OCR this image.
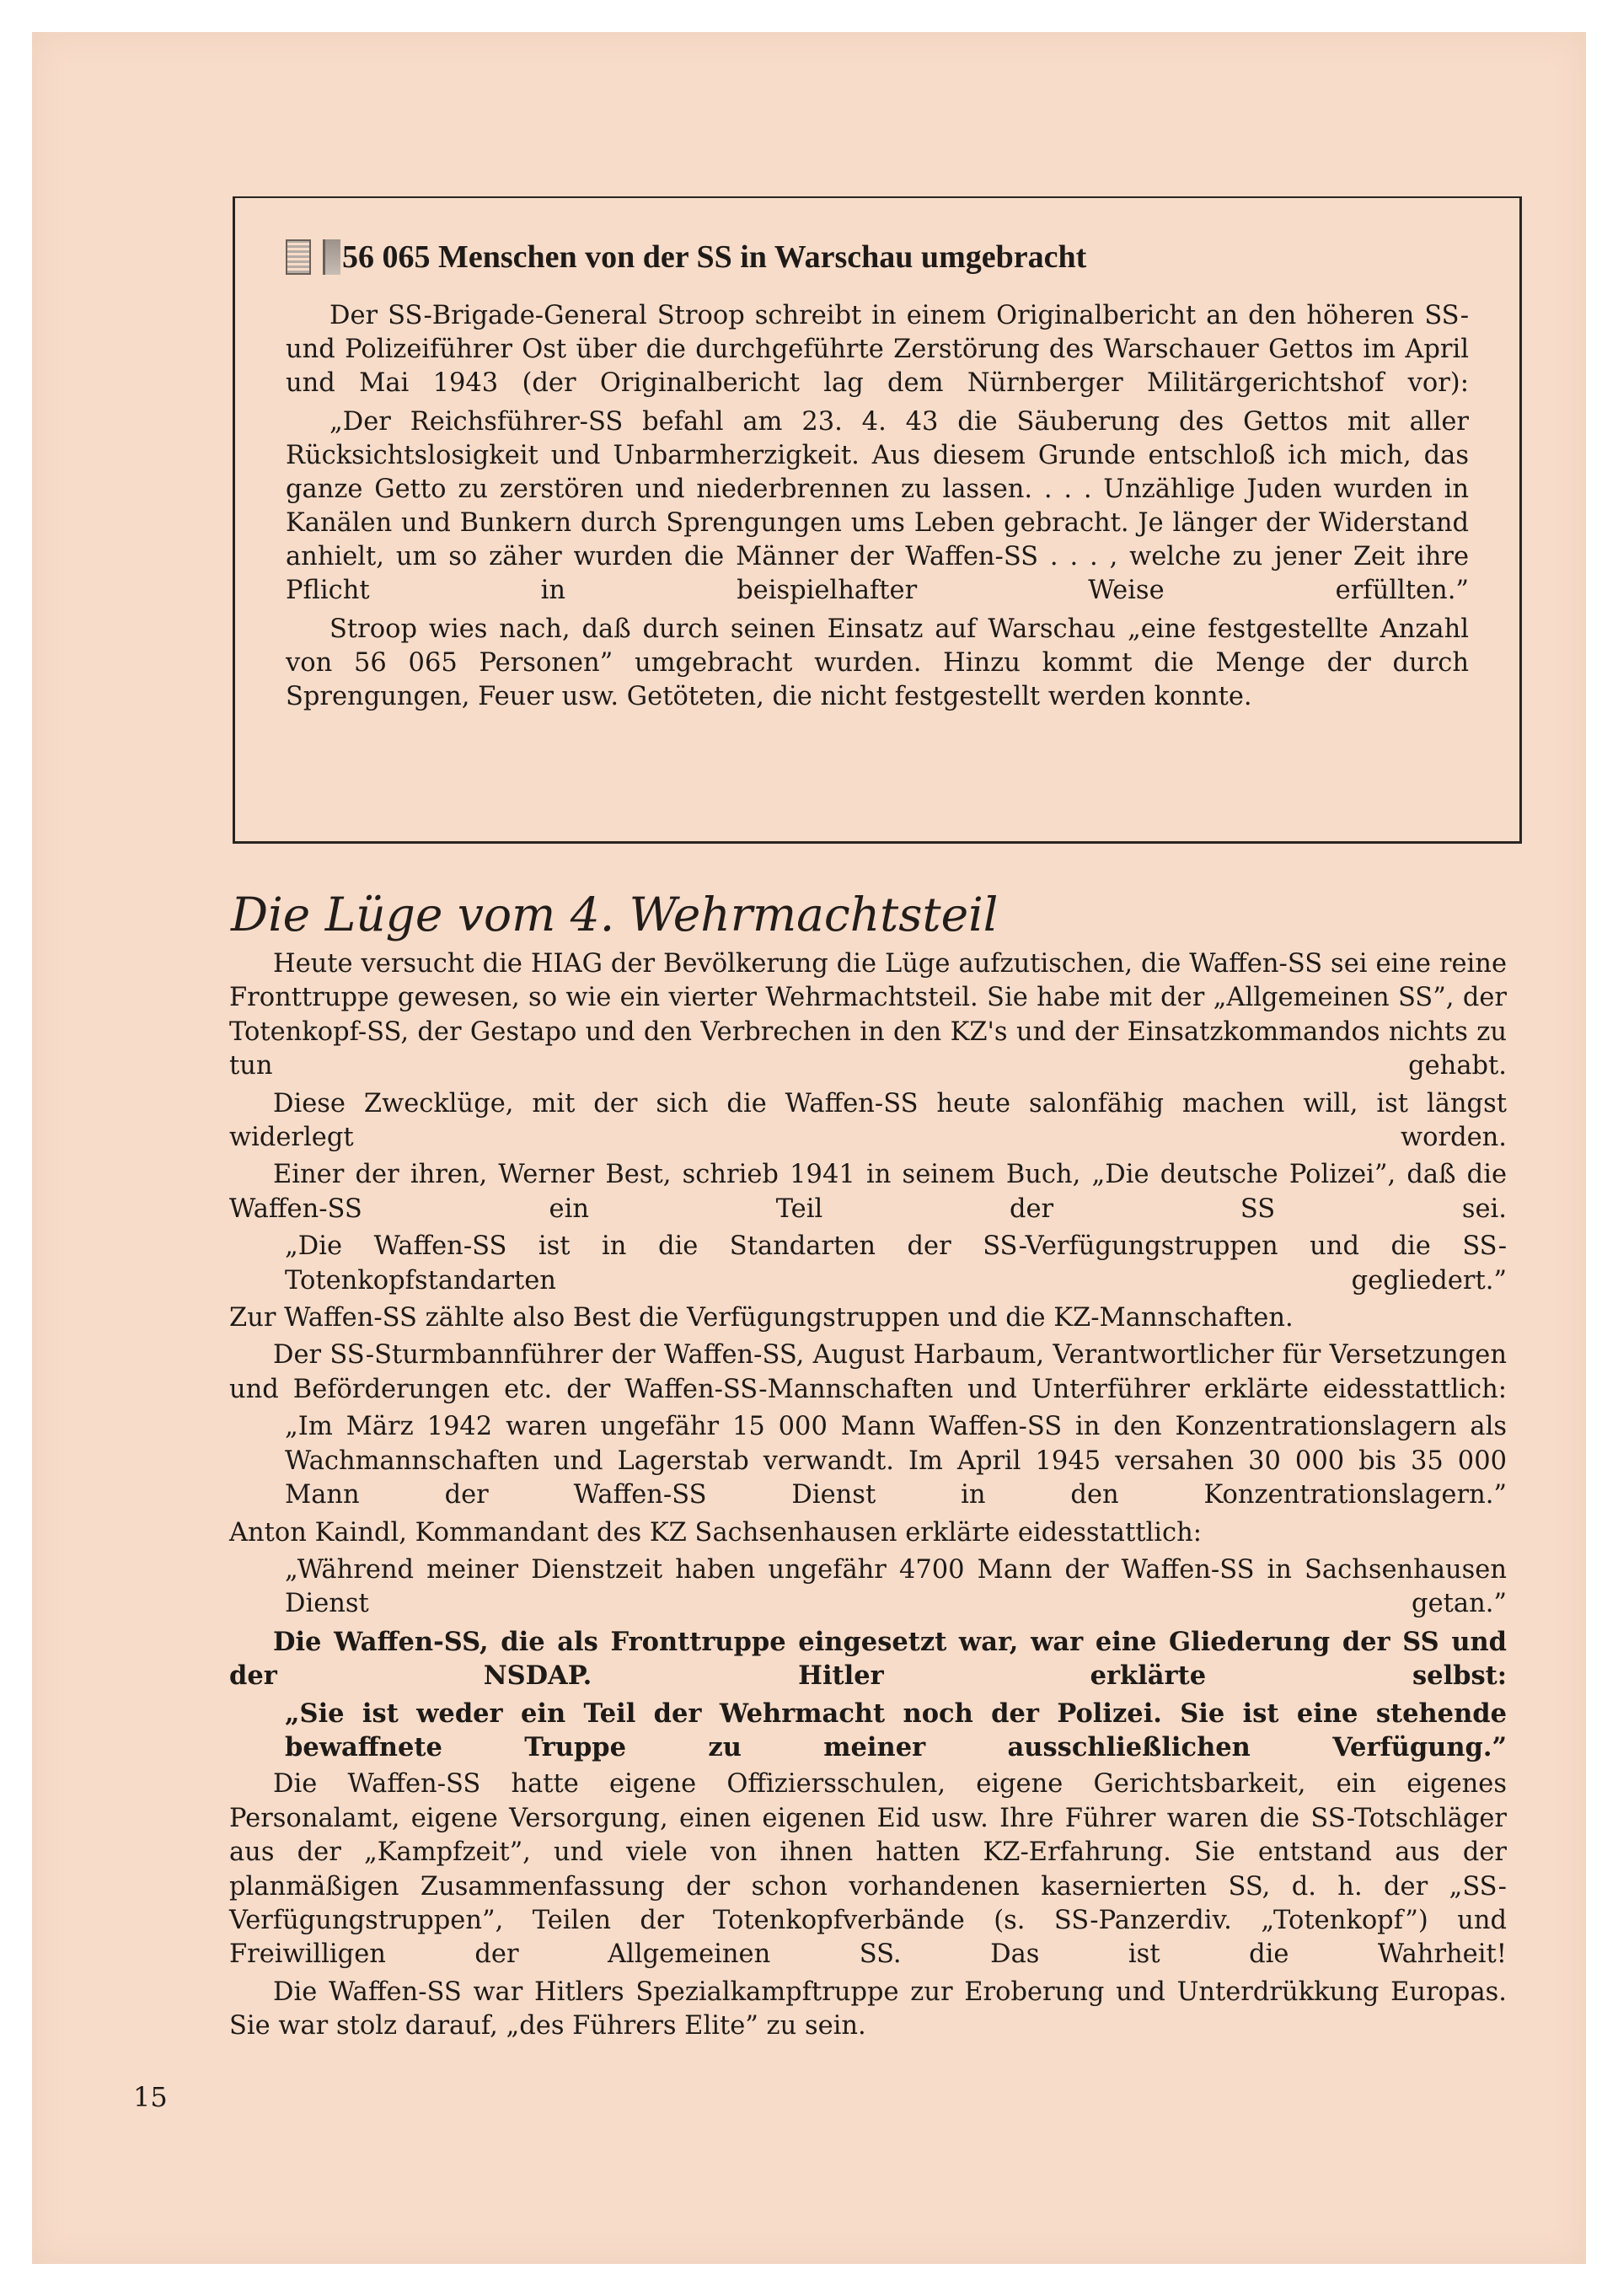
56 065 Menschen von der SS in Warschau umgebracht

Der SS-Brigade-General Stroop schreibt in einem Originalbericht an den höheren SS- und Polizeiführer Ost über die durchgeführte Zerstörung des Warschauer Gettos im April und Mai 1943 (der Originalbericht lag dem Nürnberger Militärgerichtshof vor):

„Der Reichsführer-SS befahl am 23. 4. 43 die Säuberung des Gettos mit aller Rücksichtslosigkeit und Unbarmherzigkeit. Aus diesem Grunde entschloß ich mich, das ganze Getto zu zerstören und niederbrennen zu lassen. . . . Unzählige Juden wurden in Kanälen und Bunkern durch Sprengungen ums Leben gebracht. Je länger der Widerstand anhielt, um so zäher wurden die Männer der Waffen-SS . . . , welche zu jener Zeit ihre Pflicht in beispielhafter Weise erfüllten.”

Stroop wies nach, daß durch seinen Einsatz auf Warschau „eine festgestellte Anzahl von 56 065 Personen” umgebracht wurden. Hinzu kommt die Menge der durch Sprengungen, Feuer usw. Getöteten, die nicht festgestellt werden konnte.

Die Lüge vom 4. Wehrmachtsteil

Heute versucht die HIAG der Bevölkerung die Lüge aufzutischen, die Waffen-SS sei eine reine Fronttruppe gewesen, so wie ein vierter Wehrmachtsteil. Sie habe mit der „Allgemeinen SS”, der Totenkopf-SS, der Gestapo und den Verbrechen in den KZ's und der Einsatzkommandos nichts zu tun gehabt.

Diese Zwecklüge, mit der sich die Waffen-SS heute salonfähig machen will, ist längst widerlegt worden.

Einer der ihren, Werner Best, schrieb 1941 in seinem Buch, „Die deutsche Polizei”, daß die Waffen-SS ein Teil der SS sei.

„Die Waffen-SS ist in die Standarten der SS-Verfügungstruppen und die SS-Totenkopfstandarten gegliedert.”

Zur Waffen-SS zählte also Best die Verfügungstruppen und die KZ-Mannschaften.

Der SS-Sturmbannführer der Waffen-SS, August Harbaum, Verantwortlicher für Versetzungen und Beförderungen etc. der Waffen-SS-Mannschaften und Unterführer erklärte eidesstattlich:

„Im März 1942 waren ungefähr 15 000 Mann Waffen-SS in den Konzentrationslagern als Wachmannschaften und Lagerstab verwandt. Im April 1945 versahen 30 000 bis 35 000 Mann der Waffen-SS Dienst in den Konzentrationslagern.”

Anton Kaindl, Kommandant des KZ Sachsenhausen erklärte eidesstattlich:

„Während meiner Dienstzeit haben ungefähr 4700 Mann der Waffen-SS in Sachsenhausen Dienst getan.”

Die Waffen-SS, die als Fronttruppe eingesetzt war, war eine Gliederung der SS und der NSDAP. Hitler erklärte selbst:

„Sie ist weder ein Teil der Wehrmacht noch der Polizei. Sie ist eine stehende bewaffnete Truppe zu meiner ausschließlichen Verfügung.”

Die Waffen-SS hatte eigene Offiziersschulen, eigene Gerichtsbarkeit, ein eigenes Personalamt, eigene Versorgung, einen eigenen Eid usw. Ihre Führer waren die SS-Totschläger aus der „Kampfzeit”, und viele von ihnen hatten KZ-Erfahrung. Sie entstand aus der planmäßigen Zusammenfassung der schon vorhandenen kasernierten SS, d. h. der „SS-Verfügungstruppen”, Teilen der Totenkopfverbände (s. SS-Panzerdiv. „Totenkopf”) und Freiwilligen der Allgemeinen SS. Das ist die Wahrheit!

Die Waffen-SS war Hitlers Spezialkampftruppe zur Eroberung und Unterdrükkung Europas. Sie war stolz darauf, „des Führers Elite” zu sein.

15
